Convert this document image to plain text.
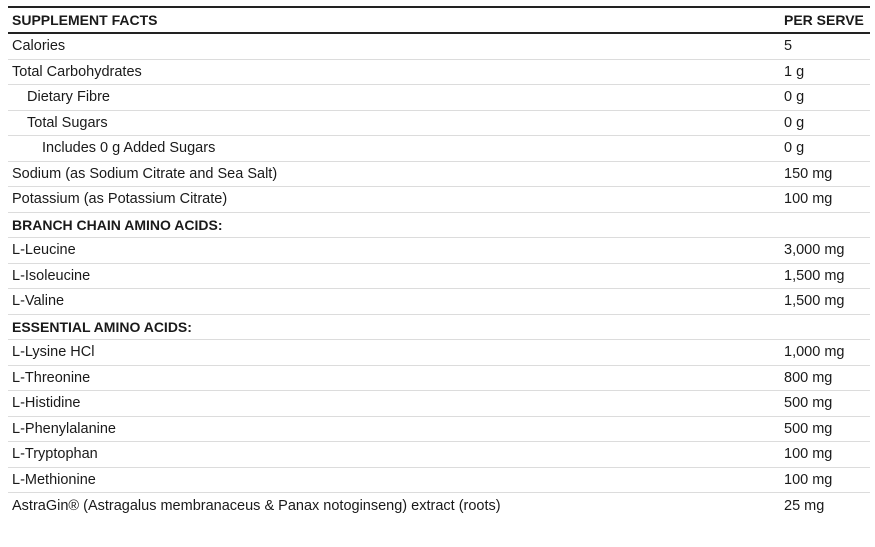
SUPPLEMENT FACTS	PER SERVE
Calories	5
Total Carbohydrates	1 g
Dietary Fibre	0 g
Total Sugars	0 g
Includes 0 g Added Sugars	0 g
Sodium (as Sodium Citrate and Sea Salt)	150 mg
Potassium (as Potassium Citrate)	100 mg
BRANCH CHAIN AMINO ACIDS:
L-Leucine	3,000 mg
L-Isoleucine	1,500 mg
L-Valine	1,500 mg
ESSENTIAL AMINO ACIDS:
L-Lysine HCl	1,000 mg
L-Threonine	800 mg
L-Histidine	500 mg
L-Phenylalanine	500 mg
L-Tryptophan	100 mg
L-Methionine	100 mg
AstraGin® (Astragalus membranaceus & Panax notoginseng) extract (roots)	25 mg
